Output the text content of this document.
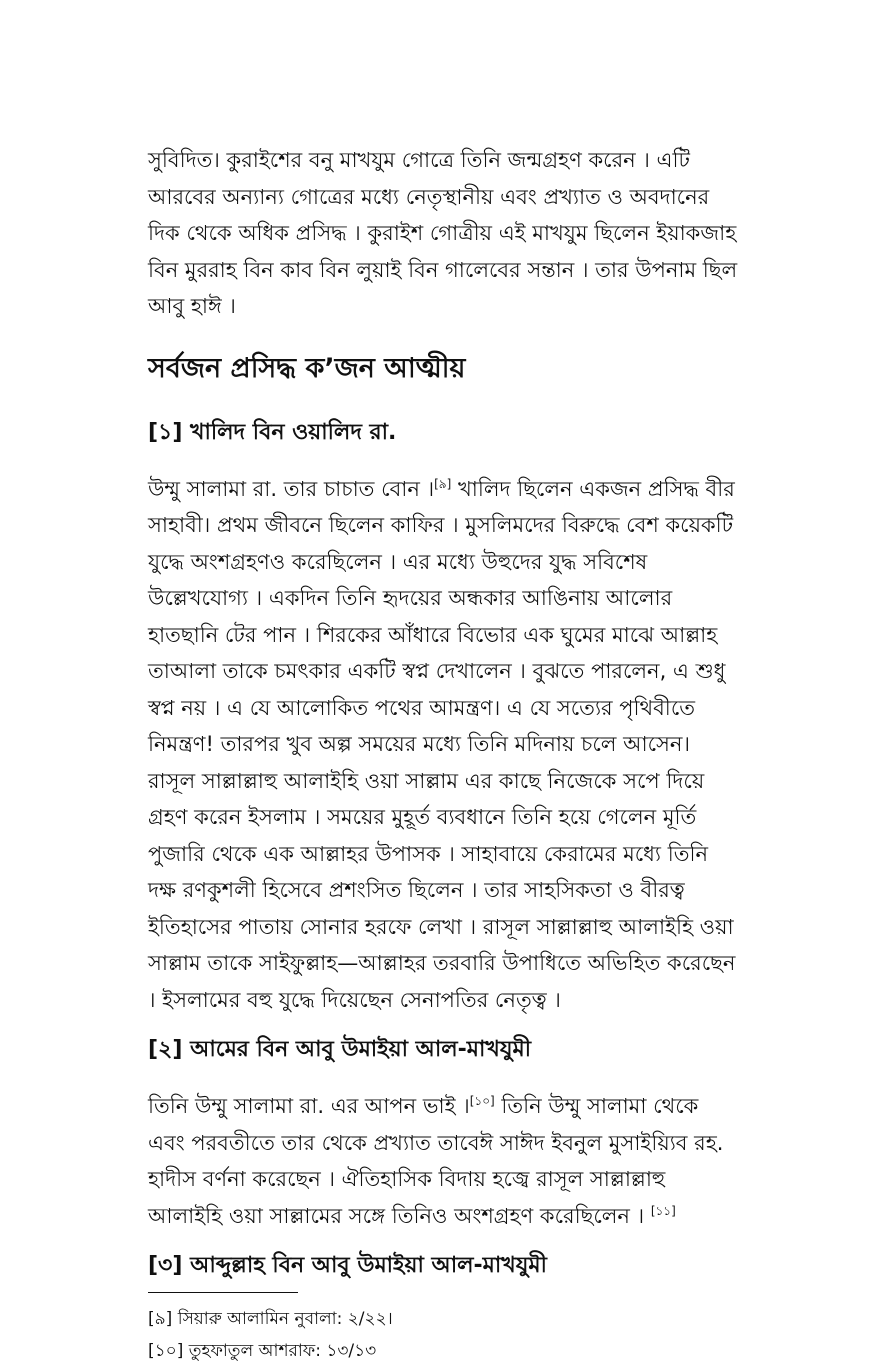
সুবিদিত। কুরাইশের বনু মাখযুম গোত্রে তিনি জন্মগ্রহণ করেন । এটি আরবের অন্যান্য গোত্রের মধ্যে নেতৃস্থানীয় এবং প্রখ্যাত ও অবদানের দিক থেকে অধিক প্রসিদ্ধ । কুরাইশ গোত্রীয় এই মাখযুম ছিলেন ইয়াকজাহ বিন মুররাহ বিন কাব বিন লুয়াই বিন গালেবের সন্তান । তার উপনাম ছিল আবু হাঈ ।

সর্বজন প্রসিদ্ধ ক’জন আত্মীয়
[১] খালিদ বিন ওয়ালিদ রা.

উম্মু সালামা রা. তার চাচাত বোন ।[৯] খালিদ ছিলেন একজন প্রসিদ্ধ বীর সাহাবী। প্রথম জীবনে ছিলেন কাফির । মুসলিমদের বিরুদ্ধে বেশ কয়েকটি যুদ্ধে অংশগ্রহণও করেছিলেন । এর মধ্যে উহুদের যুদ্ধ সবিশেষ উল্লেখযোগ্য । একদিন তিনি হৃদয়ের অন্ধকার আঙিনায় আলোর হাতছানি টের পান । শিরকের আঁধারে বিভোর এক ঘুমের মাঝে আল্লাহ তাআলা তাকে চমৎকার একটি স্বপ্ন দেখালেন । বুঝতে পারলেন, এ শুধু স্বপ্ন নয় । এ যে আলোকিত পথের আমন্ত্রণ। এ যে সত্যের পৃথিবীতে নিমন্ত্রণ! তারপর খুব অল্প সময়ের মধ্যে তিনি মদিনায় চলে আসেন। রাসূল সাল্লাল্লাহু আলাইহি ওয়া সাল্লাম এর কাছে নিজেকে সপে দিয়ে গ্রহণ করেন ইসলাম । সময়ের মুহূর্ত ব্যবধানে তিনি হয়ে গেলেন মূর্তি পুজারি থেকে এক আল্লাহর উপাসক । সাহাবায়ে কেরামের মধ্যে তিনি দক্ষ রণকুশলী হিসেবে প্রশংসিত ছিলেন । তার সাহসিকতা ও বীরত্ব ইতিহাসের পাতায় সোনার হরফে লেখা । রাসূল সাল্লাল্লাহু আলাইহি ওয়া সাল্লাম তাকে সাইফুল্লাহ—আল্লাহর তরবারি উপাধিতে অভিহিত করেছেন । ইসলামের বহু যুদ্ধে দিয়েছেন সেনাপতির নেতৃত্ব ।

[২] আমের বিন আবু উমাইয়া আল-মাখযুমী

তিনি উম্মু সালামা রা. এর আপন ভাই ।[১০] তিনি উম্মু সালামা থেকে এবং পরবতীতে তার থেকে প্রখ্যাত তাবেঈ সাঈদ ইবনুল মুসাইয়্যিব রহ. হাদীস বর্ণনা করেছেন । ঐতিহাসিক বিদায় হজ্বে রাসূল সাল্লাল্লাহু আলাইহি ওয়া সাল্লামের সঙ্গে তিনিও অংশগ্রহণ করেছিলেন । [১১]

[৩] আব্দুল্লাহ বিন আবু উমাইয়া আল-মাখযুমী

[৯] সিয়ারু আলামিন নুবালা: ২/২২।

[১০] তুহফাতুল আশরাফ: ১৩/১৩
